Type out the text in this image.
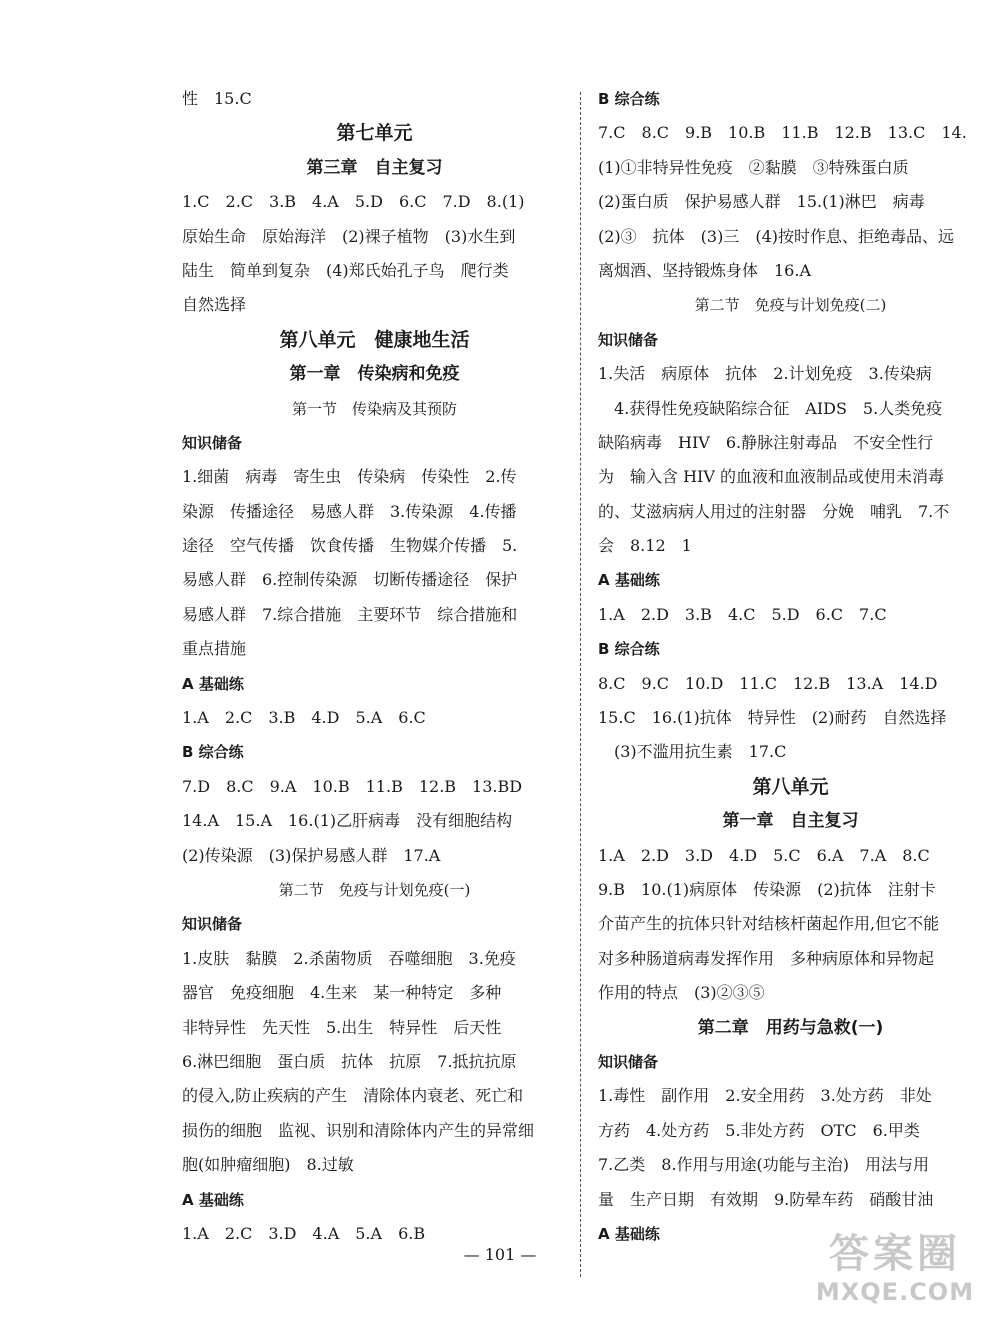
性　15.C
第七单元
第三章　自主复习
1.C　2.C　3.B　4.A　5.D　6.C　7.D　8.(1)
原始生命　原始海洋　(2)裸子植物　(3)水生到
陆生　简单到复杂　(4)郑氏始孔子鸟　爬行类
自然选择
第八单元　健康地生活
第一章　传染病和免疫
第一节　传染病及其预防
知识储备
1.细菌　病毒　寄生虫　传染病　传染性　2.传
染源　传播途径　易感人群　3.传染源　4.传播
途径　空气传播　饮食传播　生物媒介传播　5.
易感人群　6.控制传染源　切断传播途径　保护
易感人群　7.综合措施　主要环节　综合措施和
重点措施
A 基础练
1.A　2.C　3.B　4.D　5.A　6.C
B 综合练
7.D　8.C　9.A　10.B　11.B　12.B　13.BD
14.A　15.A　16.(1)乙肝病毒　没有细胞结构
(2)传染源　(3)保护易感人群　17.A
第二节　免疫与计划免疫(一)
知识储备
1.皮肤　黏膜　2.杀菌物质　吞噬细胞　3.免疫
器官　免疫细胞　4.生来　某一种特定　多种
非特异性　先天性　5.出生　特异性　后天性
6.淋巴细胞　蛋白质　抗体　抗原　7.抵抗抗原
的侵入,防止疾病的产生　清除体内衰老、死亡和
损伤的细胞　监视、识别和清除体内产生的异常细
胞(如肿瘤细胞)　8.过敏
A 基础练
1.A　2.C　3.D　4.A　5.A　6.B
B 综合练
7.C　8.C　9.B　10.B　11.B　12.B　13.C　14.
(1)①非特异性免疫　②黏膜　③特殊蛋白质
(2)蛋白质　保护易感人群　15.(1)淋巴　病毒
(2)③　抗体　(3)三　(4)按时作息、拒绝毒品、远
离烟酒、坚持锻炼身体　16.A
第二节　免疫与计划免疫(二)
知识储备
1.失活　病原体　抗体　2.计划免疫　3.传染病
　4.获得性免疫缺陷综合征　AIDS　5.人类免疫
缺陷病毒　HIV　6.静脉注射毒品　不安全性行
为　输入含 HIV 的血液和血液制品或使用未消毒
的、艾滋病病人用过的注射器　分娩　哺乳　7.不
会　8.12　1
A 基础练
1.A　2.D　3.B　4.C　5.D　6.C　7.C
B 综合练
8.C　9.C　10.D　11.C　12.B　13.A　14.D
15.C　16.(1)抗体　特异性　(2)耐药　自然选择
　(3)不滥用抗生素　17.C
第八单元
第一章　自主复习
1.A　2.D　3.D　4.D　5.C　6.A　7.A　8.C
9.B　10.(1)病原体　传染源　(2)抗体　注射卡
介苗产生的抗体只针对结核杆菌起作用,但它不能
对多种肠道病毒发挥作用　多种病原体和异物起
作用的特点　(3)②③⑤
第二章　用药与急救(一)
知识储备
1.毒性　副作用　2.安全用药　3.处方药　非处
方药　4.处方药　5.非处方药　OTC　6.甲类
7.乙类　8.作用与用途(功能与主治)　用法与用
量　生产日期　有效期　9.防晕车药　硝酸甘油
A 基础练
— 101 —	答案圈
MXQE.COM
